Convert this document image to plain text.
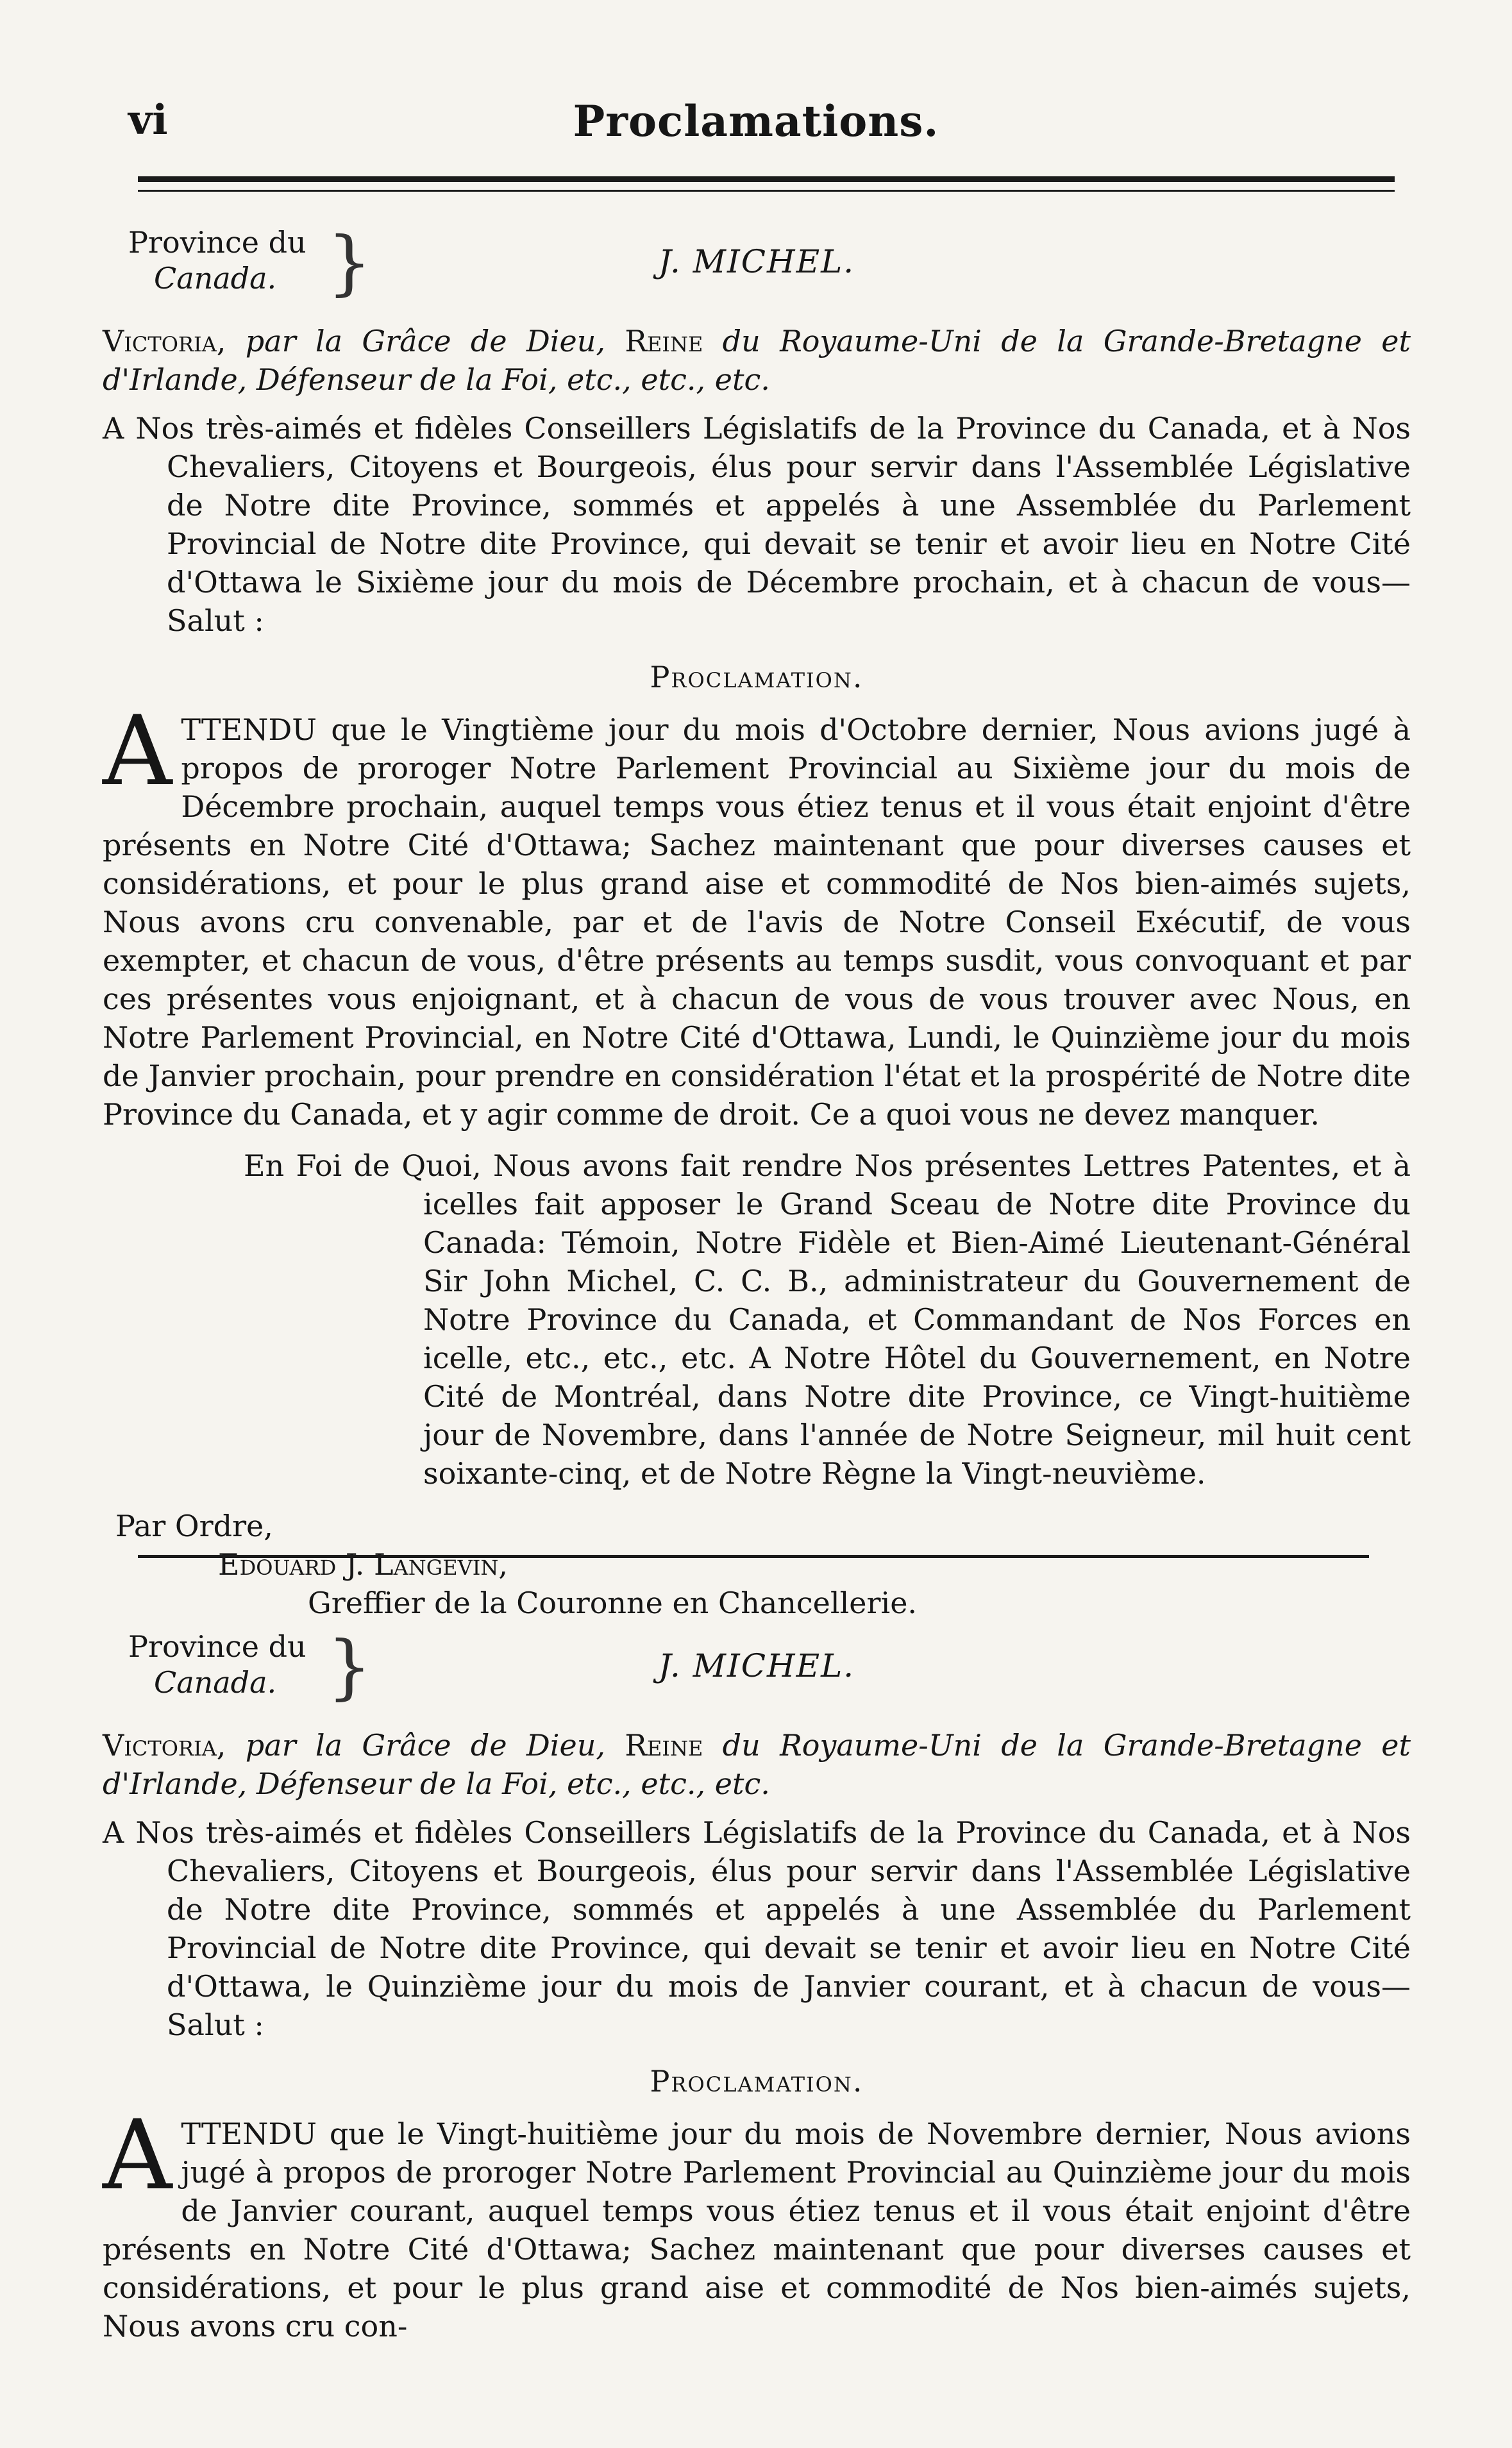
vi	Proclamations.
Province du
Canada. }	J. MICHEL.

Victoria, par la Grâce de Dieu, Reine du Royaume-Uni de la Grande-Bretagne et d'Irlande, Défenseur de la Foi, etc., etc., etc.

A Nos très-aimés et fidèles Conseillers Législatifs de la Province du Canada, et à Nos Chevaliers, Citoyens et Bourgeois, élus pour servir dans l'Assemblée Législative de Notre dite Province, sommés et appelés à une Assemblée du Parlement Provincial de Notre dite Province, qui devait se tenir et avoir lieu en Notre Cité d'Ottawa le Sixième jour du mois de Décembre prochain, et à chacun de vous—Salut :

Proclamation.

A TTENDU que le Vingtième jour du mois d'Octobre dernier, Nous avions jugé à propos de proroger Notre Parlement Provincial au Sixième jour du mois de Décembre prochain, auquel temps vous étiez tenus et il vous était enjoint d'être présents en Notre Cité d'Ottawa; Sachez maintenant que pour diverses causes et considérations, et pour le plus grand aise et commodité de Nos bien-aimés sujets, Nous avons cru convenable, par et de l'avis de Notre Conseil Exécutif, de vous exempter, et chacun de vous, d'être présents au temps susdit, vous convoquant et par ces présentes vous enjoignant, et à chacun de vous de vous trouver avec Nous, en Notre Parlement Provincial, en Notre Cité d'Ottawa, Lundi, le Quinzième jour du mois de Janvier prochain, pour prendre en considération l'état et la prospérité de Notre dite Province du Canada, et y agir comme de droit. Ce a quoi vous ne devez manquer.

En Foi de Quoi, Nous avons fait rendre Nos présentes Lettres Patentes, et à icelles fait apposer le Grand Sceau de Notre dite Province du Canada: Témoin, Notre Fidèle et Bien-Aimé Lieutenant-Général Sir John Michel, C. C. B., administrateur du Gouvernement de Notre Province du Canada, et Commandant de Nos Forces en icelle, etc., etc., etc. A Notre Hôtel du Gouvernement, en Notre Cité de Montréal, dans Notre dite Province, ce Vingt-huitième jour de Novembre, dans l'année de Notre Seigneur, mil huit cent soixante-cinq, et de Notre Règne la Vingt-neuvième.

Par Ordre,
Edouard J. Langevin,
Greffier de la Couronne en Chancellerie.
Province du
Canada. }	J. MICHEL.

Victoria, par la Grâce de Dieu, Reine du Royaume-Uni de la Grande-Bretagne et d'Irlande, Défenseur de la Foi, etc., etc., etc.

A Nos très-aimés et fidèles Conseillers Législatifs de la Province du Canada, et à Nos Chevaliers, Citoyens et Bourgeois, élus pour servir dans l'Assemblée Législative de Notre dite Province, sommés et appelés à une Assemblée du Parlement Provincial de Notre dite Province, qui devait se tenir et avoir lieu en Notre Cité d'Ottawa, le Quinzième jour du mois de Janvier courant, et à chacun de vous—Salut :

Proclamation.

A TTENDU que le Vingt-huitième jour du mois de Novembre dernier, Nous avions jugé à propos de proroger Notre Parlement Provincial au Quinzième jour du mois de Janvier courant, auquel temps vous étiez tenus et il vous était enjoint d'être présents en Notre Cité d'Ottawa; Sachez maintenant que pour diverses causes et considérations, et pour le plus grand aise et commodité de Nos bien-aimés sujets, Nous avons cru con-
